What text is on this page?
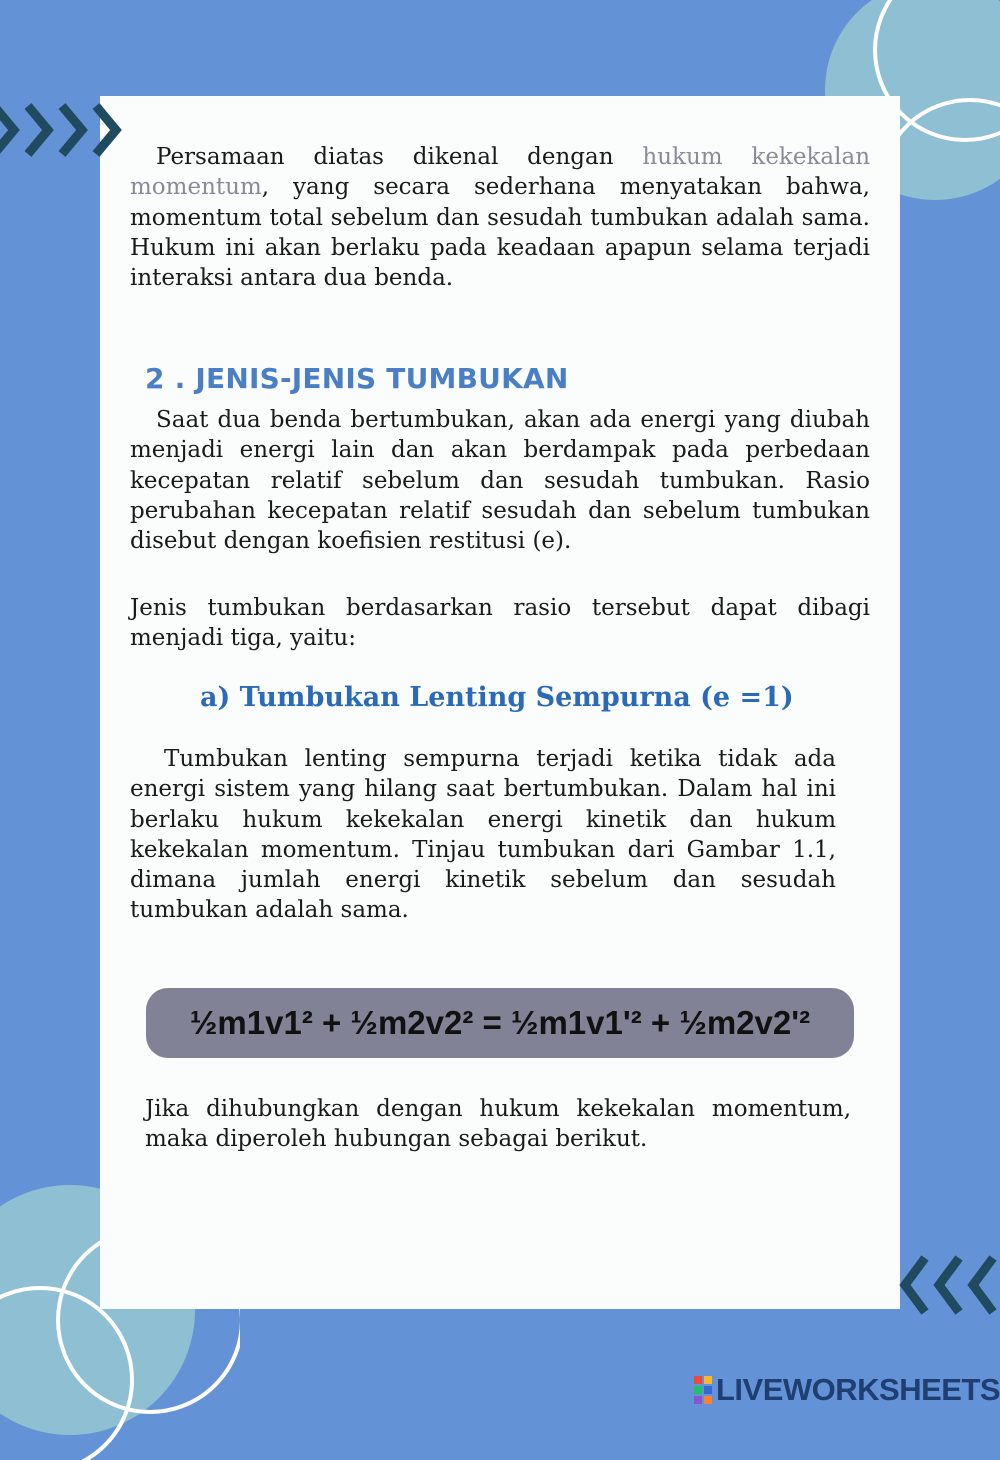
Persamaan diatas dikenal dengan hukum kekekalan momentum, yang secara sederhana menyatakan bahwa, momentum total sebelum dan sesudah tumbukan adalah sama. Hukum ini akan berlaku pada keadaan apapun selama terjadi interaksi antara dua benda.

2 . JENIS-JENIS TUMBUKAN

Saat dua benda bertumbukan, akan ada energi yang diubah menjadi energi lain dan akan berdampak pada perbedaan kecepatan relatif sebelum dan sesudah tumbukan. Rasio perubahan kecepatan relatif sesudah dan sebelum tumbukan disebut dengan koefisien restitusi (e).

Jenis tumbukan berdasarkan rasio tersebut dapat dibagi menjadi tiga, yaitu:

a) Tumbukan Lenting Sempurna (e =1)

Tumbukan lenting sempurna terjadi ketika tidak ada energi sistem yang hilang saat bertumbukan. Dalam hal ini berlaku hukum kekekalan energi kinetik dan hukum kekekalan momentum. Tinjau tumbukan dari Gambar 1.1, dimana jumlah energi kinetik sebelum dan sesudah tumbukan adalah sama.

½m1v1² + ½m2v2² = ½m1v1'² + ½m2v2'²

Jika dihubungkan dengan hukum kekekalan momentum, maka diperoleh hubungan sebagai berikut.

LIVEWORKSHEETS
